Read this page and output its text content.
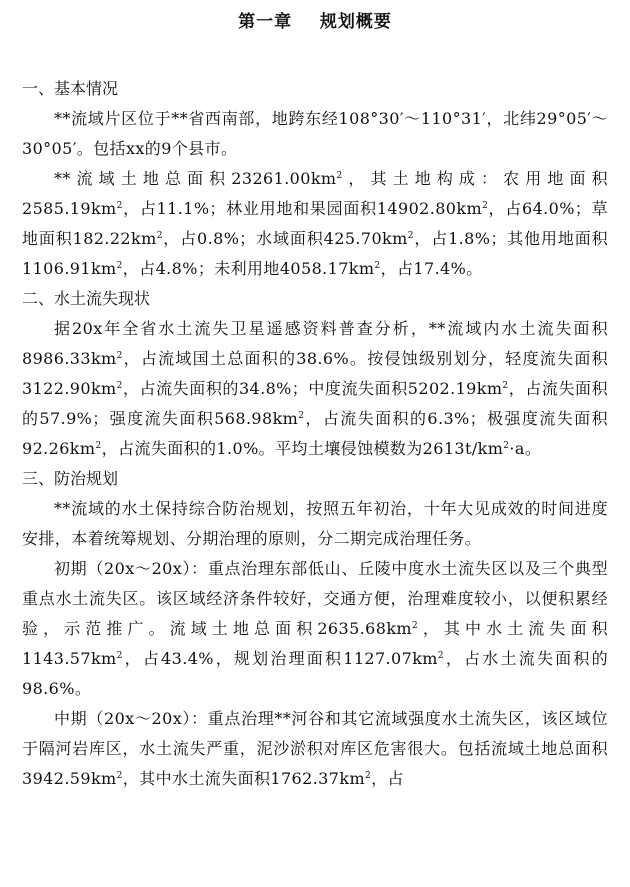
第一章    规划概要
一、基本情况
**流域片区位于**省西南部，地跨东经108°30′～110°31′，北纬29°05′～30°05′。包括xx的9个县市。
**流域土地总面积$23261.00km^2$，其土地构成：农用地面积$2585.19km^2$，占11.1%；林业用地和果园面积$14902.80km^2$，占64.0%；草地面积$182.22km^2$，占0.8%；水域面积$425.70km^2$，占1.8%；其他用地面积$1106.91km^2$，占4.8%；未利用地$4058.17km^2$，占17.4%。
二、水土流失现状
据20x年全省水土流失卫星遥感资料普查分析，**流域内水土流失面积$8986.33km^2$，占流域国土总面积的38.6%。按侵蚀级别划分，轻度流失面积$3122.90km^2$，占流失面积的34.8%；中度流失面积$5202.19km^2$，占流失面积的57.9%；强度流失面积$568.98km^2$，占流失面积的6.3%；极强度流失面积$92.26km^2$，占流失面积的1.0%。平均土壤侵蚀模数为$2613t/km^2\cdot a$。
三、防治规划
**流域的水土保持综合防治规划，按照五年初治，十年大见成效的时间进度安排，本着统筹规划、分期治理的原则，分二期完成治理任务。
初期（20x～20x）：重点治理东部低山、丘陵中度水土流失区以及三个典型重点水土流失区。该区域经济条件较好，交通方便，治理难度较小，以便积累经验，示范推广。流域土地总面积$2635.68km^2$，其中水土流失面积$1143.57km^2$，占43.4%，规划治理面积$1127.07km^2$，占水土流失面积的98.6%。
中期（20x～20x）：重点治理**河谷和其它流域强度水土流失区，该区域位于隔河岩库区，水土流失严重，泥沙淤积对库区危害很大。包括流域土地总面积$3942.59km^2$，其中水土流失面积$1762.37km^2$，占
